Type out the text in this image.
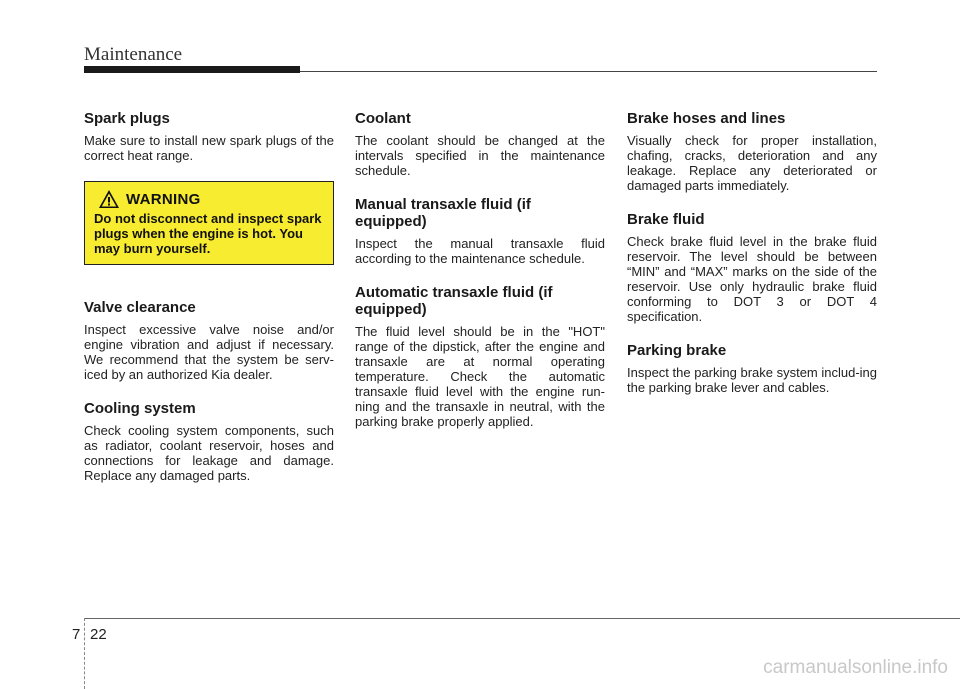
Maintenance
Spark plugs

Make sure to install new spark plugs of the correct heat range.

WARNING
Do not disconnect and inspect spark plugs when the engine is hot. You may burn yourself.
Valve clearance

Inspect excessive valve noise and/or engine vibration and adjust if necessary. We recommend that the system be serv-iced by an authorized Kia dealer.

Cooling system

Check cooling system components, such as radiator, coolant reservoir, hoses and connections for leakage and damage. Replace any damaged parts.

Coolant

The coolant should be changed at the intervals specified in the maintenance schedule.

Manual transaxle fluid (if equipped)

Inspect the manual transaxle fluid according to the maintenance schedule.

Automatic transaxle fluid (if equipped)

The fluid level should be in the "HOT" range of the dipstick, after the engine and transaxle are at normal operating temperature. Check the automatic transaxle fluid level with the engine run-ning and the transaxle in neutral, with the parking brake properly applied.

Brake hoses and lines

Visually check for proper installation, chafing, cracks, deterioration and any leakage. Replace any deteriorated or damaged parts immediately.

Brake fluid

Check brake fluid level in the brake fluid reservoir. The level should be between “MIN” and “MAX” marks on the side of the reservoir. Use only hydraulic brake fluid conforming to DOT 3 or DOT 4 specification.

Parking brake

Inspect the parking brake system includ-ing the parking brake lever and cables.

7 22
carmanualsonline.info
